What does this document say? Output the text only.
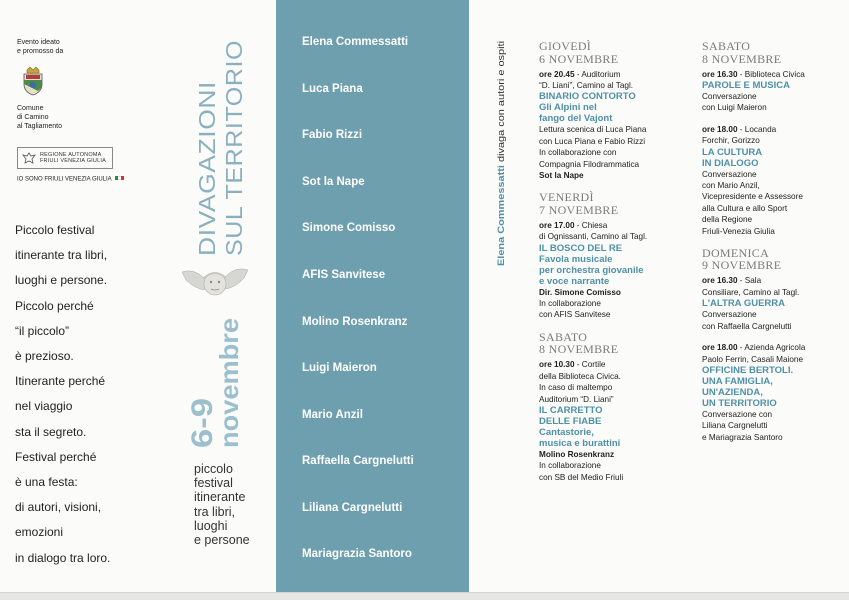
Evento ideato
e promosso da
Comune
di Camino
al Tagliamento
REGIONE AUTONOMA
FRIULI VENEZIA GIULIA
IO SONO FRIULI VENEZIA GIULIA
Piccolo festival
itinerante tra libri,
luoghi e persone.
Piccolo perché
“il piccolo”
è prezioso.
Itinerante perché
nel viaggio
sta il segreto.
Festival perché
è una festa:
di autori, visioni,
emozioni
in dialogo tra loro.
DIVAGAZIONI SUL TERRITORIO
6-9
novembre
piccolo
festival
itinerante
tra libri,
luoghi
e persone
Elena Commessatti
Luca Piana
Fabio Rizzi
Sot la Nape
Simone Comisso
AFIS Sanvitese
Molino Rosenkranz
Luigi Maieron
Mario Anzil
Raffaella Cargnelutti
Liliana Cargnelutti
Mariagrazia Santoro
Elena Commessatti divaga con autori e ospiti
GIOVEDÌ
6 NOVEMBRE
ore 20.45 - Auditorium
“D. Liani”, Camino al Tagl.
BINARIO CONTORTO
Gli Alpini nel
fango del Vajont
Lettura scenica di Luca Piana
con Luca Piana e Fabio Rizzi
In collaborazione con
Compagnia Filodrammatica
Sot la Nape
VENERDÌ
7 NOVEMBRE
ore 17.00 - Chiesa
di Ognissanti, Camino al Tagl.
IL BOSCO DEL RE
Favola musicale
per orchestra giovanile
e voce narrante
Dir. Simone Comisso
In collaborazione
con AFIS Sanvitese
SABATO
8 NOVEMBRE
ore 10.30 - Cortile
della Biblioteca Civica.
In caso di maltempo
Auditorium “D. Liani”
IL CARRETTO
DELLE FIABE
Cantastorie,
musica e burattini
Molino Rosenkranz
In collaborazione
con SB del Medio Friuli
SABATO
8 NOVEMBRE
ore 16.30 - Biblioteca Civica
PAROLE E MUSICA
Conversazione
con Luigi Maieron
ore 18.00 - Locanda
Forchir, Gorizzo
LA CULTURA
IN DIALOGO
Conversazione
con Mario Anzil,
Vicepresidente e Assessore
alla Cultura e allo Sport
della Regione
Friuli-Venezia Giulia
DOMENICA
9 NOVEMBRE
ore 16.30 - Sala
Consiliare, Camino al Tagl.
L'ALTRA GUERRA
Conversazione
con Raffaella Cargnelutti
ore 18.00 - Azienda Agricola
Paolo Ferrin, Casali Maione
OFFICINE BERTOLI.
UNA FAMIGLIA,
UN'AZIENDA,
UN TERRITORIO
Conversazione con
Liliana Cargnelutti
e Mariagrazia Santoro
